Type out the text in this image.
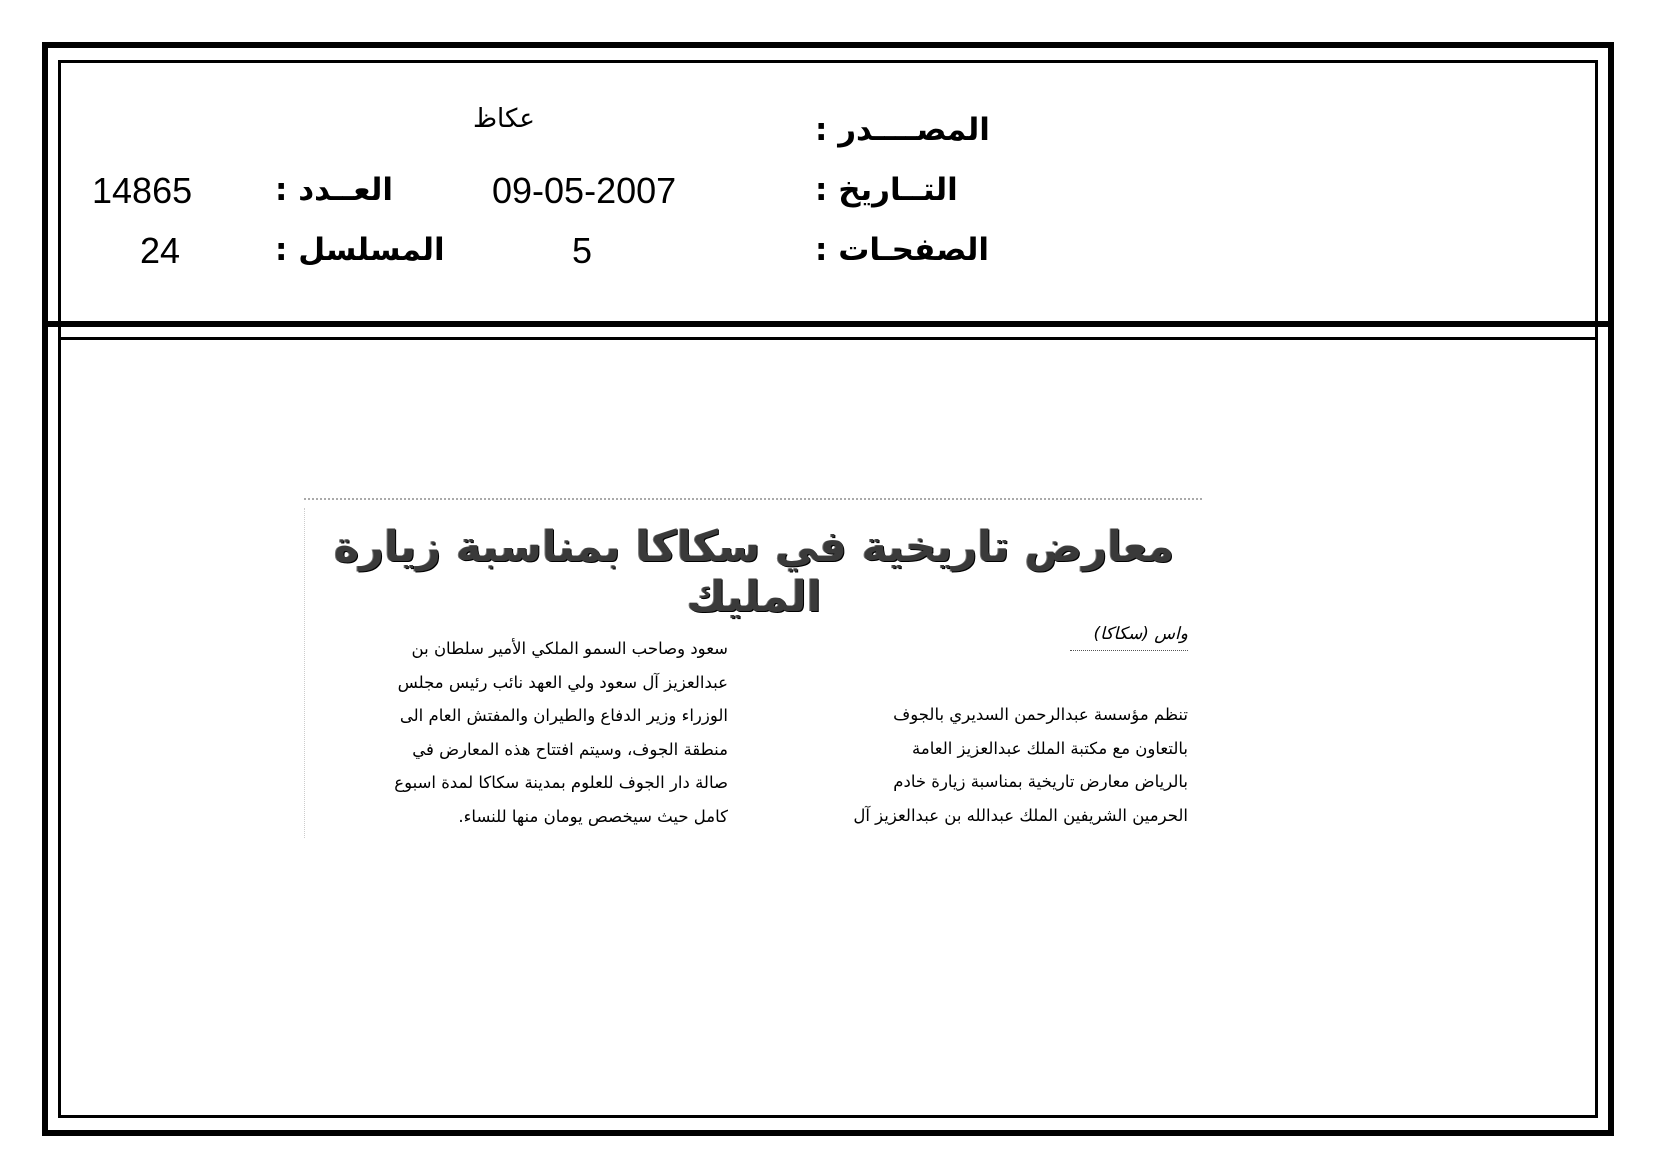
المصــــدر :
عكاظ
التــاريخ :
09-05-2007
الصفحـات :
5
العــدد :
14865
المسلسل :
24
معارض تاريخية في سكاكا بمناسبة زيارة المليك
واس (سكاكا)

تنظم مؤسسة عبدالرحمن السديري بالجوف

بالتعاون مع مكتبة الملك عبدالعزيز العامة

بالرياض معارض تاريخية بمناسبة زيارة خادم

الحرمين الشريفين الملك عبدالله بن عبدالعزيز آل

سعود وصاحب السمو الملكي الأمير سلطان بن

عبدالعزيز آل سعود ولي العهد نائب رئيس مجلس

الوزراء وزير الدفاع والطيران والمفتش العام الى

منطقة الجوف، وسيتم افتتاح هذه المعارض في

صالة دار الجوف للعلوم بمدينة سكاكا لمدة اسبوع

كامل حيث سيخصص يومان منها للنساء.
